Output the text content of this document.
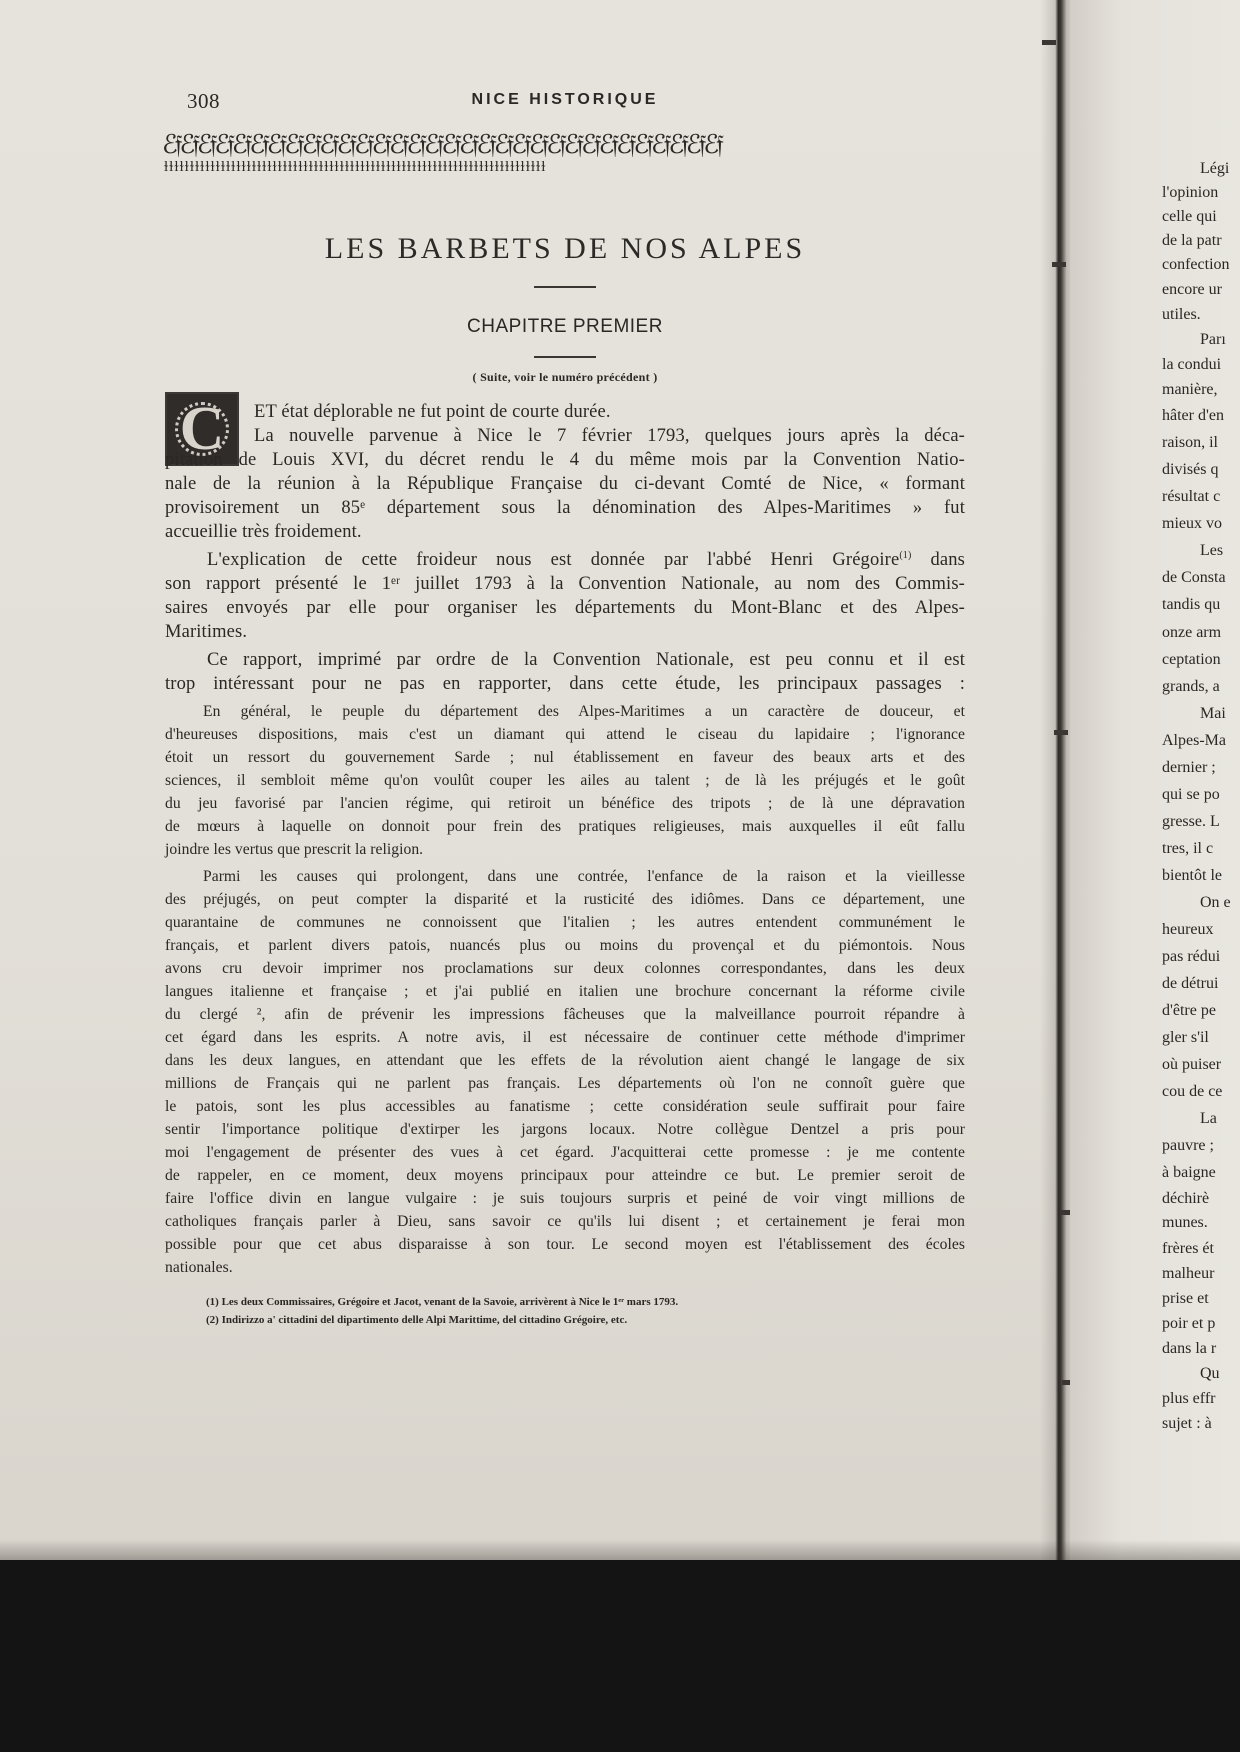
308	NICE HISTORIQUE
ℰ𝔣ℰ𝔣ℰ𝔣ℰ𝔣ℰ𝔣ℰ𝔣ℰ𝔣ℰ𝔣ℰ𝔣ℰ𝔣ℰ𝔣ℰ𝔣ℰ𝔣ℰ𝔣ℰ𝔣ℰ𝔣ℰ𝔣ℰ𝔣ℰ𝔣ℰ𝔣ℰ𝔣ℰ𝔣ℰ𝔣ℰ𝔣ℰ𝔣ℰ𝔣ℰ𝔣ℰ𝔣ℰ𝔣ℰ𝔣ℰ𝔣ℰ𝔣
ɫɫɫɫɫɫɫɫɫɫɫɫɫɫɫɫɫɫɫɫɫɫɫɫɫɫɫɫɫɫɫɫɫɫɫɫɫɫɫɫɫɫɫɫɫɫɫɫɫɫɫɫɫɫɫɫɫɫɫɫɫɫɫɫɫɫɫɫɫɫɫɫɫɫ
LES BARBETS DE NOS ALPES
CHAPITRE PREMIER
( Suite, voir le numéro précédent )
C	ET état déplorable ne fut point de courte durée.
La nouvelle parvenue à Nice le 7 février 1793, quelques jours après la déca-
pitation de Louis XVI, du décret rendu le 4 du même mois par la Convention Natio-
nale de la réunion à la République Française du ci-devant Comté de Nice, « formant
provisoirement un 85ᵉ département sous la dénomination des Alpes-Maritimes » fut
accueillie très froidement.
L'explication de cette froideur nous est donnée par l'abbé Henri Grégoire$^{(1)}$ dans
son rapport présenté le 1ᵉʳ juillet 1793 à la Convention Nationale, au nom des Commis-
saires envoyés par elle pour organiser les départements du Mont-Blanc et des Alpes-
Maritimes.
Ce rapport, imprimé par ordre de la Convention Nationale, est peu connu et il est
trop intéressant pour ne pas en rapporter, dans cette étude, les principaux passages :
En général, le peuple du département des Alpes-Maritimes a un caractère de douceur, et
d'heureuses dispositions, mais c'est un diamant qui attend le ciseau du lapidaire ; l'ignorance
étoit un ressort du gouvernement Sarde ; nul établissement en faveur des beaux arts et des
sciences, il sembloit même qu'on voulût couper les ailes au talent ; de là les préjugés et le goût
du jeu favorisé par l'ancien régime, qui retiroit un bénéfice des tripots ; de là une dépravation
de mœurs à laquelle on donnoit pour frein des pratiques religieuses, mais auxquelles il eût fallu
joindre les vertus que prescrit la religion.
Parmi les causes qui prolongent, dans une contrée, l'enfance de la raison et la vieillesse
des préjugés, on peut compter la disparité et la rusticité des idiômes. Dans ce département, une
quarantaine de communes ne connoissent que l'italien ; les autres entendent communément le
français, et parlent divers patois, nuancés plus ou moins du provençal et du piémontois. Nous
avons cru devoir imprimer nos proclamations sur deux colonnes correspondantes, dans les deux
langues italienne et française ; et j'ai publié en italien une brochure concernant la réforme civile
du clergé ², afin de prévenir les impressions fâcheuses que la malveillance pourroit répandre à
cet égard dans les esprits. A notre avis, il est nécessaire de continuer cette méthode d'imprimer
dans les deux langues, en attendant que les effets de la révolution aient changé le langage de six
millions de Français qui ne parlent pas français. Les départements où l'on ne connoît guère que
le patois, sont les plus accessibles au fanatisme ; cette considération seule suffirait pour faire
sentir l'importance politique d'extirper les jargons locaux. Notre collègue Dentzel a pris pour
moi l'engagement de présenter des vues à cet égard. J'acquitterai cette promesse : je me contente
de rappeler, en ce moment, deux moyens principaux pour atteindre ce but. Le premier seroit de
faire l'office divin en langue vulgaire : je suis toujours surpris et peiné de voir vingt millions de
catholiques français parler à Dieu, sans savoir ce qu'ils lui disent ; et certainement je ferai mon
possible pour que cet abus disparaisse à son tour. Le second moyen est l'établissement des écoles
nationales.
(1) Les deux Commissaires, Grégoire et Jacot, venant de la Savoie, arrivèrent à Nice le 1ᵉʳ mars 1793.
(2) Indirizzo a' cittadini del dipartimento delle Alpi Marittime, del cittadino Grégoire, etc.
Légi
l'opinion
celle qui
de la patr
confection
encore ur
utiles.
Parı
la condui
manière,
hâter d'en
raison, il
divisés q
résultat c
mieux vo
Les
de Consta
tandis qu
onze arm
ceptation
grands, a
Mai
Alpes-Ma
dernier ;
qui se po
gresse. L
tres, il c
bientôt le
On e
heureux
pas rédui
de détrui
d'être pe
gler s'il
où puiser
cou de ce
La
pauvre ;
à baigne
déchirè
munes.
frères ét
malheur
prise et
poir et p
dans la r
Qu
plus effr
sujet : à
